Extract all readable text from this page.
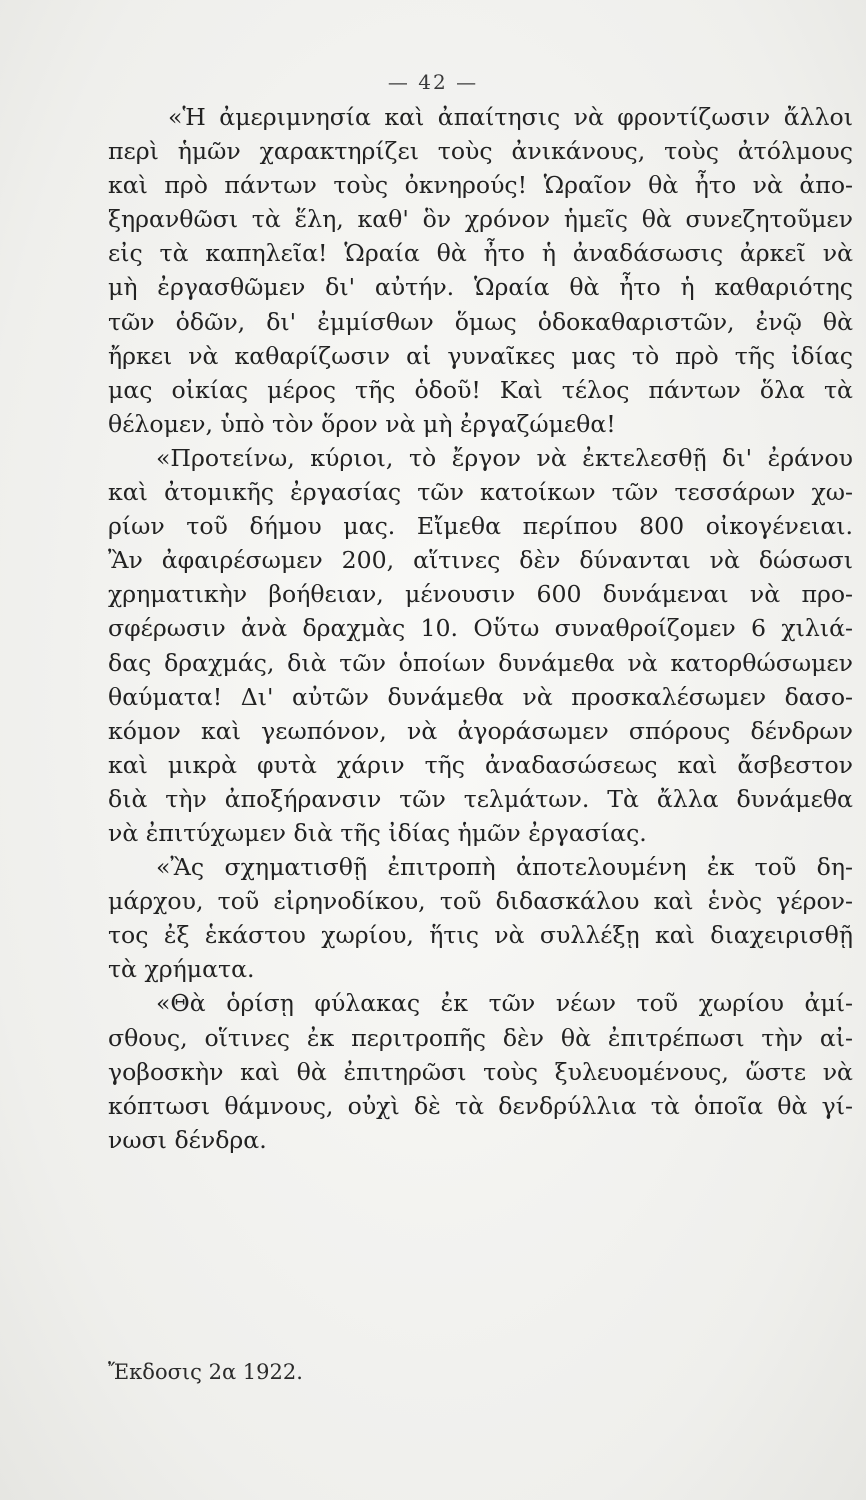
— 42 —
«Ἡ ἀμεριμνησία καὶ ἀπαίτησις νὰ φροντίζωσιν ἄλλοι
περὶ ἡμῶν χαρακτηρίζει τοὺς ἀνικάνους, τοὺς ἀτόλμους
καὶ πρὸ πάντων τοὺς ὀκνηρούς! Ὡραῖον θὰ ἦτο νὰ ἀπο-
ξηρανθῶσι τὰ ἕλη, καθ' ὃν χρόνον ἡμεῖς θὰ συνεζητοῦμεν
εἰς τὰ καπηλεῖα! Ὡραία θὰ ἦτο ἡ ἀναδάσωσις ἀρκεῖ νὰ
μὴ ἐργασθῶμεν δι' αὐτήν. Ὡραία θὰ ἦτο ἡ καθαριότης
τῶν ὁδῶν, δι' ἐμμίσθων ὅμως ὁδοκαθαριστῶν, ἐνῷ θὰ
ἤρκει νὰ καθαρίζωσιν αἱ γυναῖκες μας τὸ πρὸ τῆς ἰδίας
μας οἰκίας μέρος τῆς ὁδοῦ! Καὶ τέλος πάντων ὅλα τὰ
θέλομεν, ὑπὸ τὸν ὅρον νὰ μὴ ἐργαζώμεθα!
«Προτείνω, κύριοι, τὸ ἔργον νὰ ἐκτελεσθῇ δι' ἐράνου
καὶ ἀτομικῆς ἐργασίας τῶν κατοίκων τῶν τεσσάρων χω-
ρίων τοῦ δήμου μας. Εἴμεθα περίπου 800 οἰκογένειαι.
Ἂν ἀφαιρέσωμεν 200, αἵτινες δὲν δύνανται νὰ δώσωσι
χρηματικὴν βοήθειαν, μένουσιν 600 δυνάμεναι νὰ προ-
σφέρωσιν ἀνὰ δραχμὰς 10. Οὕτω συναθροίζομεν 6 χιλιά-
δας δραχμάς, διὰ τῶν ὁποίων δυνάμεθα νὰ κατορθώσωμεν
θαύματα! Δι' αὐτῶν δυνάμεθα νὰ προσκαλέσωμεν δασο-
κόμον καὶ γεωπόνον, νὰ ἀγοράσωμεν σπόρους δένδρων
καὶ μικρὰ φυτὰ χάριν τῆς ἀναδασώσεως καὶ ἄσβεστον
διὰ τὴν ἀποξήρανσιν τῶν τελμάτων. Τὰ ἄλλα δυνάμεθα
νὰ ἐπιτύχωμεν διὰ τῆς ἰδίας ἡμῶν ἐργασίας.
«Ἂς σχηματισθῇ ἐπιτροπὴ ἀποτελουμένη ἐκ τοῦ δη-
μάρχου, τοῦ εἰρηνοδίκου, τοῦ διδασκάλου καὶ ἑνὸς γέρον-
τος ἐξ ἑκάστου χωρίου, ἥτις νὰ συλλέξῃ καὶ διαχειρισθῇ
τὰ χρήματα.
«Θὰ ὁρίσῃ φύλακας ἐκ τῶν νέων τοῦ χωρίου ἀμί-
σθους, οἵτινες ἐκ περιτροπῆς δὲν θὰ ἐπιτρέπωσι τὴν αἰ-
γοβοσκὴν καὶ θὰ ἐπιτηρῶσι τοὺς ξυλευομένους, ὥστε νὰ
κόπτωσι θάμνους, οὐχὶ δὲ τὰ δενδρύλλια τὰ ὁποῖα θὰ γί-
νωσι δένδρα.
Ἔκδοσις 2α 1922.
